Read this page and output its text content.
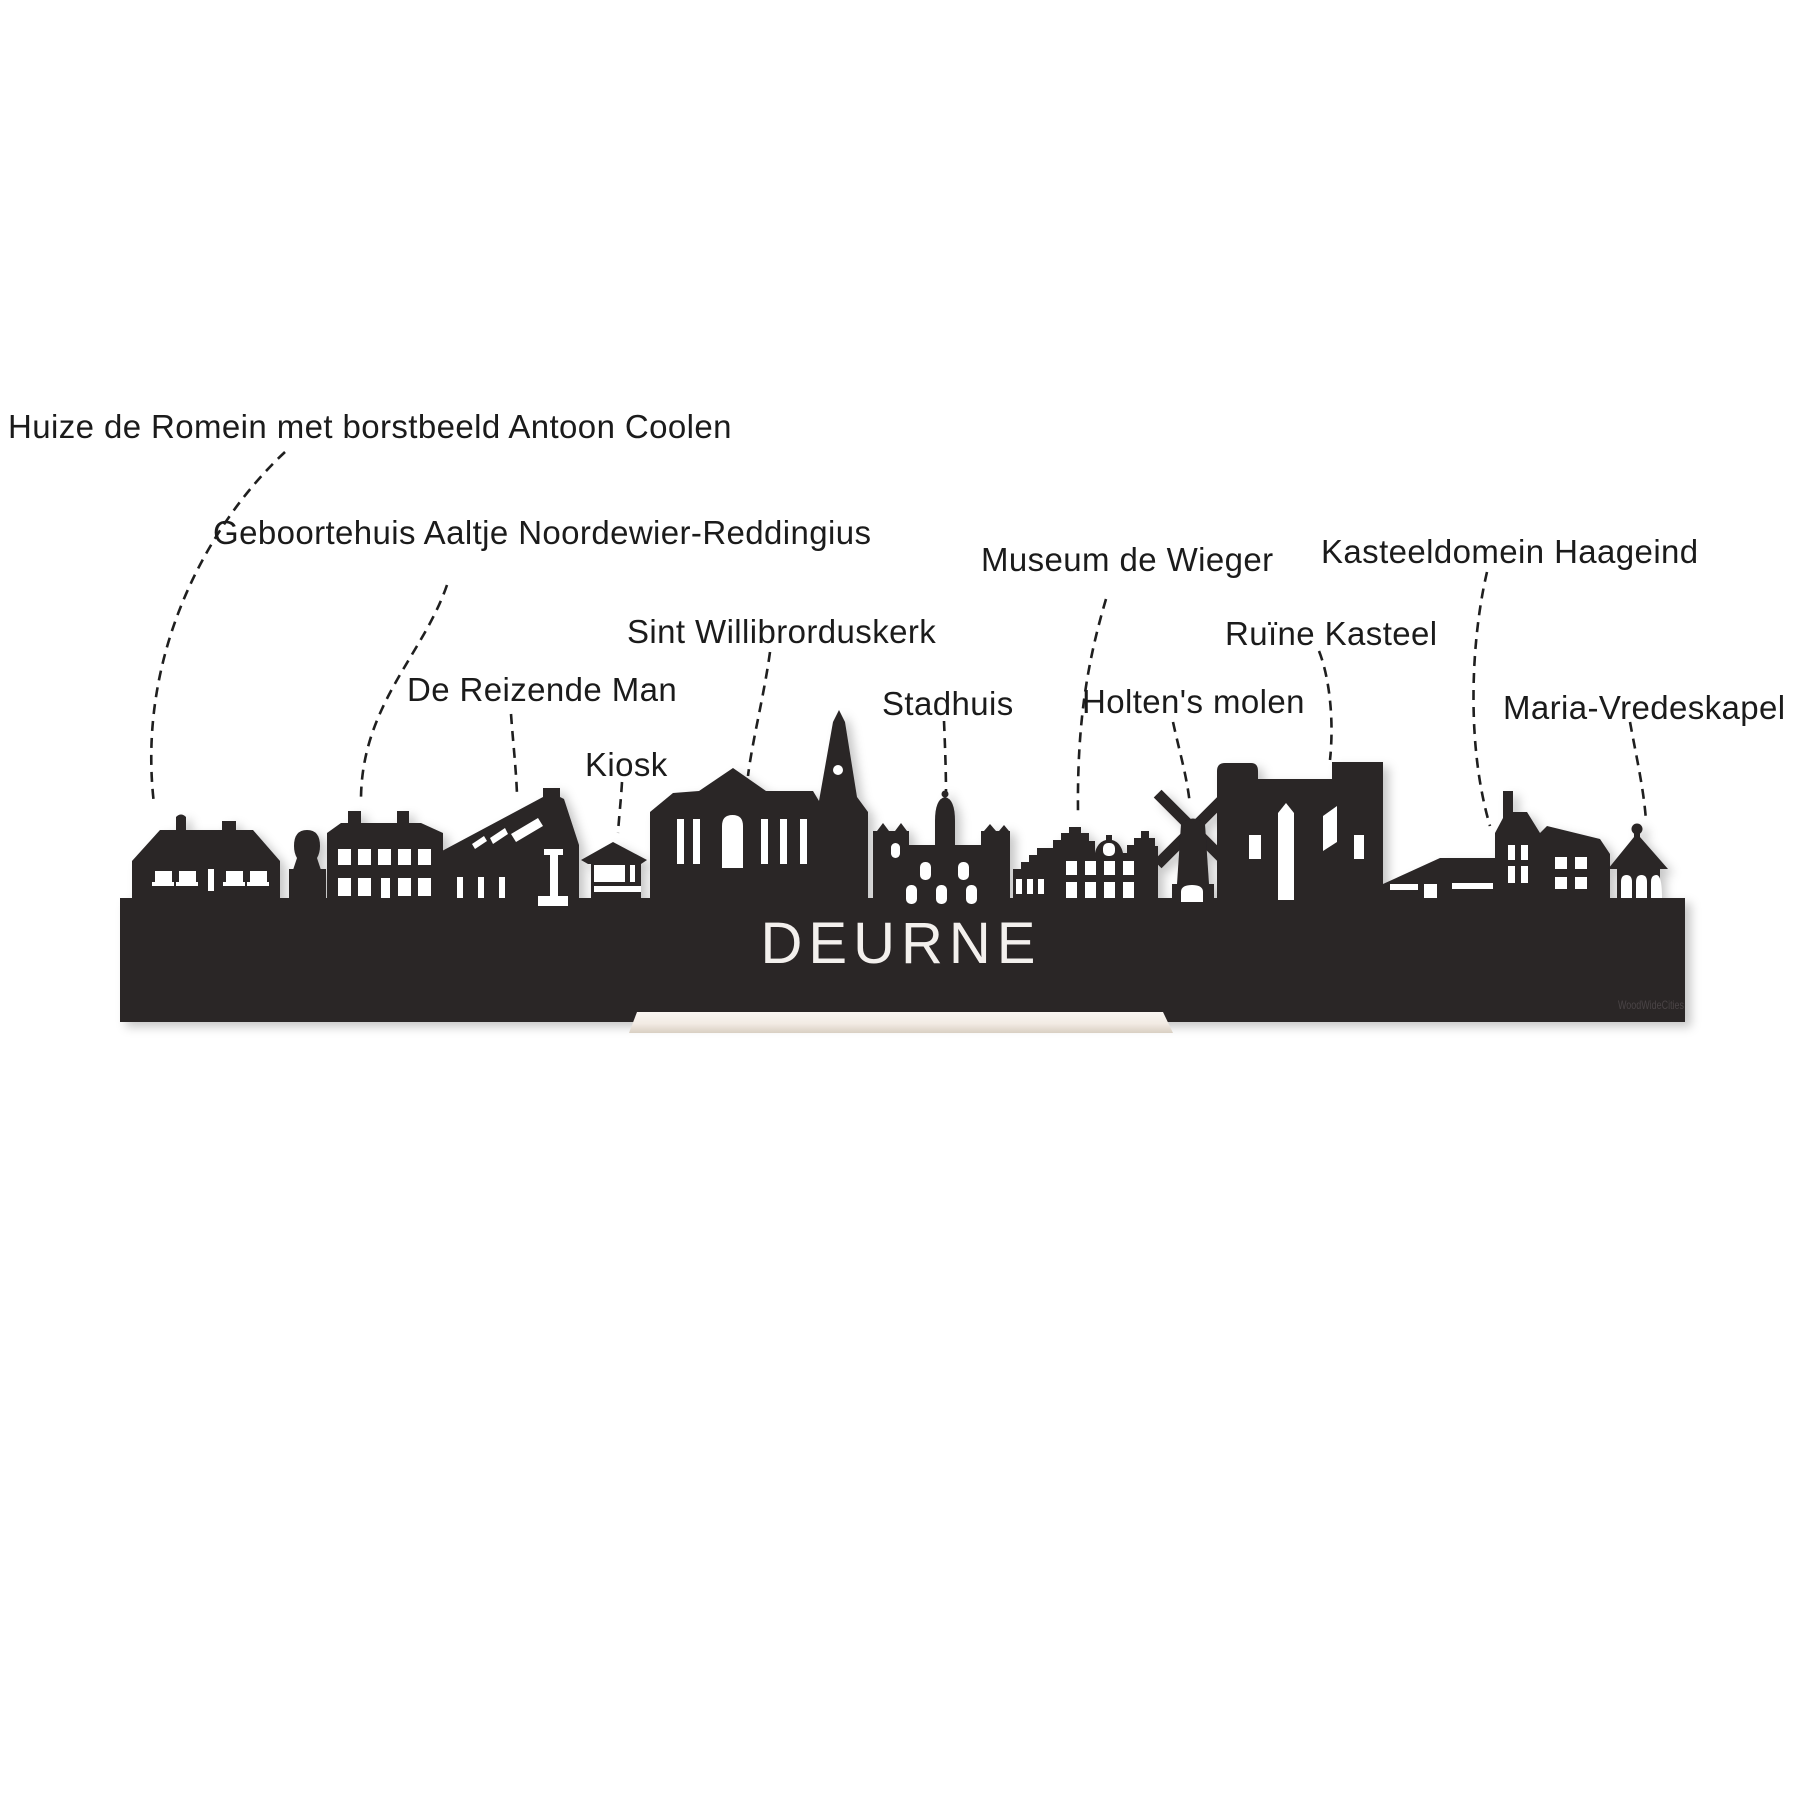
DEURNE
WoodWideCities
Huize de Romein met borstbeeld Antoon Coolen
Geboortehuis Aaltje Noordewier-Reddingius
Sint Willibrorduskerk
De Reizende Man
Kiosk
Stadhuis
Museum de Wieger
Holten's molen
Ruïne Kasteel
Kasteeldomein Haageind
Maria-Vredeskapel
